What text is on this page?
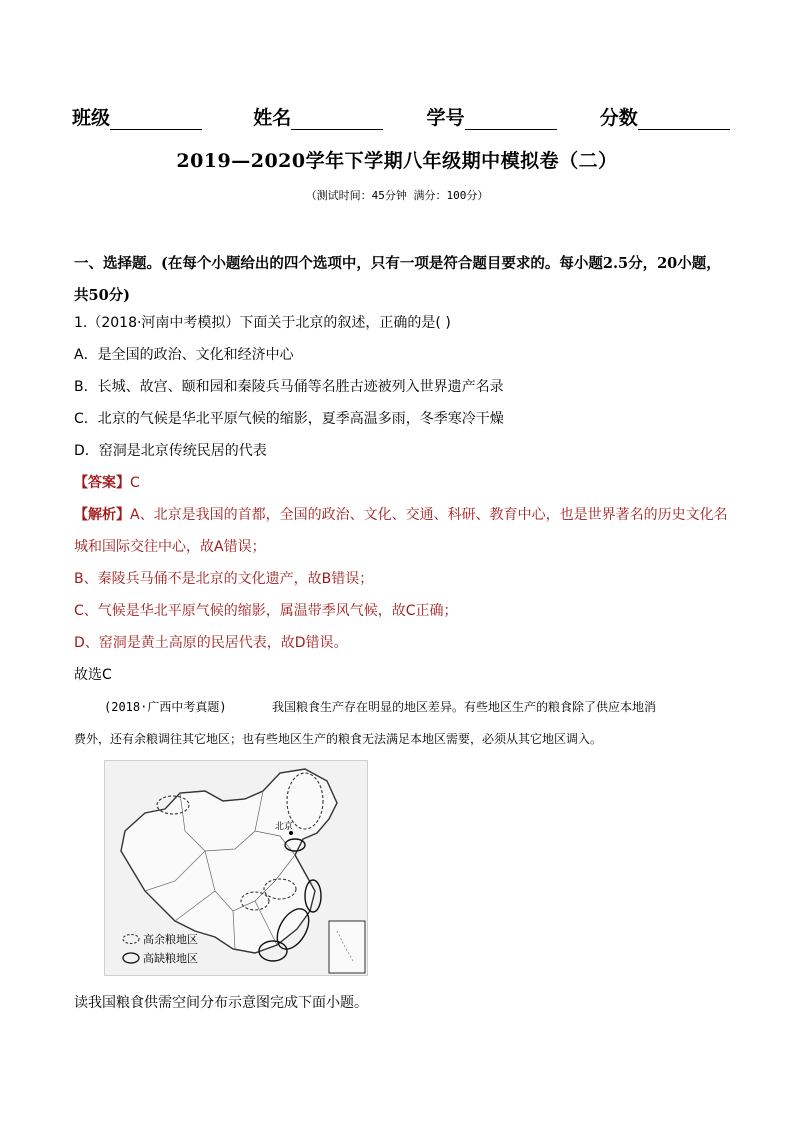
班级	姓名	学号	分数
2019—2020学年下学期八年级期中模拟卷（二）
（测试时间：45分钟 满分：100分）
一、选择题。(在每个小题给出的四个选项中，只有一项是符合题目要求的。每小题2.5分，20小题，共50分)
1.（2018·河南中考模拟）下面关于北京的叙述，正确的是( )
A．是全国的政治、文化和经济中心
B．长城、故宫、颐和园和秦陵兵马俑等名胜古迹被列入世界遗产名录
C．北京的气候是华北平原气候的缩影，夏季高温多雨，冬季寒冷干燥
D．窑洞是北京传统民居的代表
【答案】C
【解析】A、北京是我国的首都，全国的政治、文化、交通、科研、教育中心，也是世界著名的历史文化名
城和国际交往中心，故A错误；
B、秦陵兵马俑不是北京的文化遗产，故B错误；
C、气候是华北平原气候的缩影，属温带季风气候，故C正确；
D、窑洞是黄土高原的民居代表，故D错误。
故选C
(2018·广西中考真题)	我国粮食生产存在明显的地区差异。有些地区生产的粮食除了供应本地消
费外，还有余粮调往其它地区；也有些地区生产的粮食无法满足本地区需要，必须从其它地区调入。
北京
高余粮地区
高缺粮地区
读我国粮食供需空间分布示意图完成下面小题。
